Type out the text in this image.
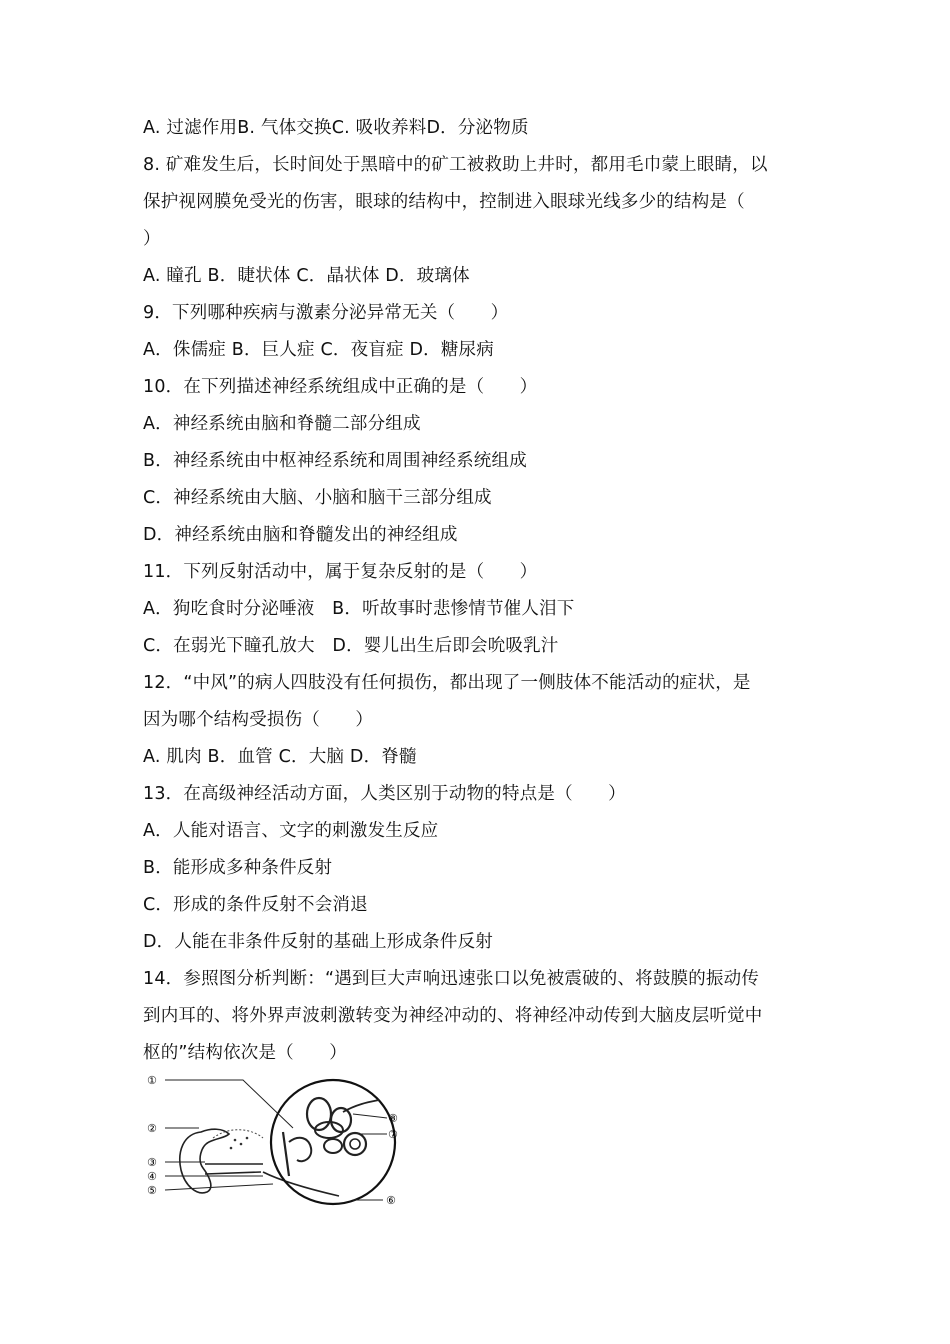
A. 过滤作用B. 气体交换C. 吸收养料D．分泌物质
8. 矿难发生后，长时间处于黑暗中的矿工被救助上井时，都用毛巾蒙上眼睛，以
保护视网膜免受光的伤害，眼球的结构中，控制进入眼球光线多少的结构是（
）
A. 瞳孔 B．睫状体 C．晶状体 D．玻璃体
9．下列哪种疾病与激素分泌异常无关（　　）
A．侏儒症 B．巨人症 C．夜盲症 D．糖尿病
10．在下列描述神经系统组成中正确的是（　　）
A．神经系统由脑和脊髓二部分组成
B．神经系统由中枢神经系统和周围神经系统组成
C．神经系统由大脑、小脑和脑干三部分组成
D．神经系统由脑和脊髓发出的神经组成
11．下列反射活动中，属于复杂反射的是（　　）
A．狗吃食时分泌唾液　B．听故事时悲惨情节催人泪下
C．在弱光下瞳孔放大　D．婴儿出生后即会吮吸乳汁
12．“中风”的病人四肢没有任何损伤，都出现了一侧肢体不能活动的症状，是
因为哪个结构受损伤（　　）
A. 肌肉 B．血管 C．大脑 D．脊髓
13．在高级神经活动方面，人类区别于动物的特点是（　　）
A．人能对语言、文字的刺激发生反应
B．能形成多种条件反射
C．形成的条件反射不会消退
D．人能在非条件反射的基础上形成条件反射
14．参照图分析判断：“遇到巨大声响迅速张口以免被震破的、将鼓膜的振动传
到内耳的、将外界声波刺激转变为神经冲动的、将神经冲动传到大脑皮层听觉中
枢的”结构依次是（　　）
①
②
③
④
⑤
⑥
⑦
⑧
